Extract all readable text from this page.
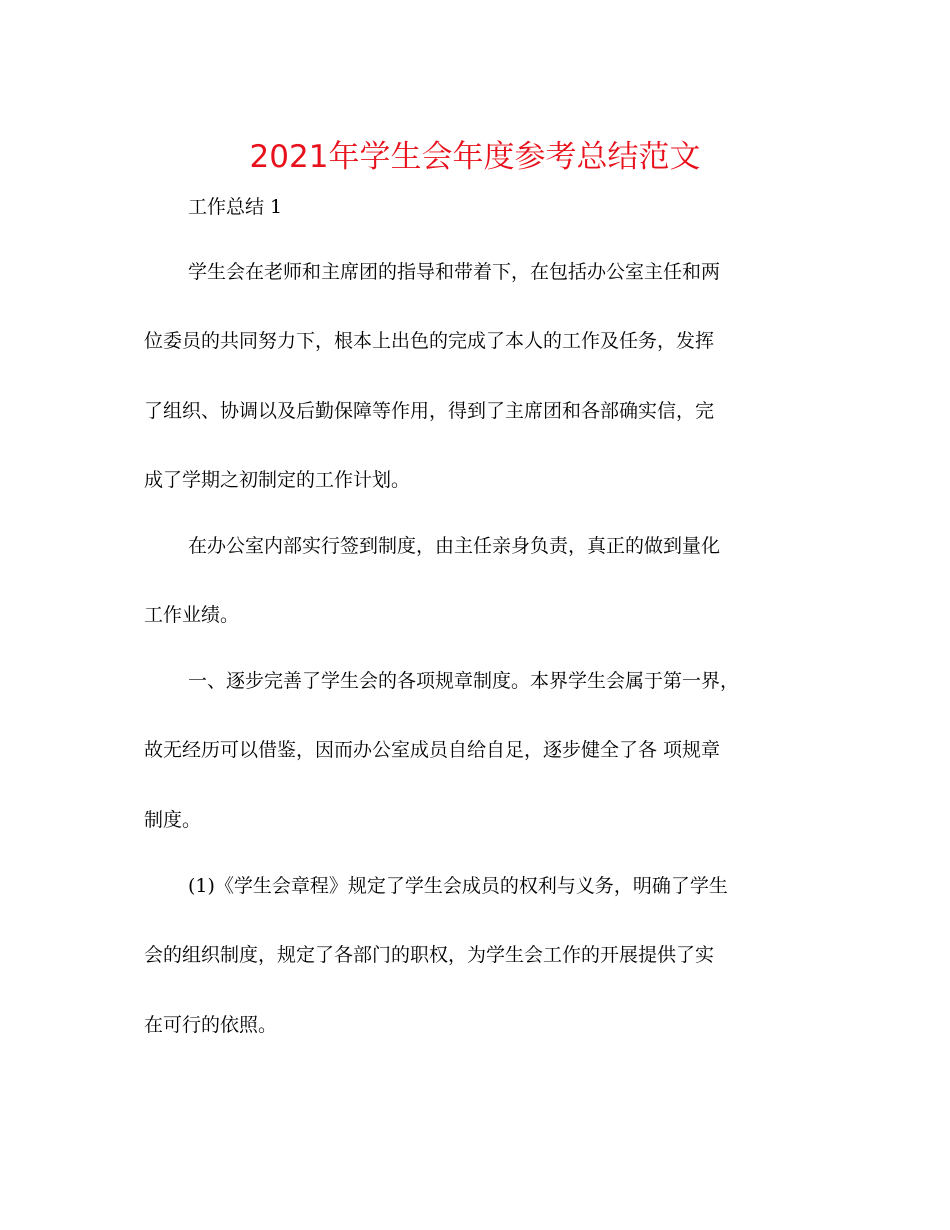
2021年学生会年度参考总结范文
工作总结 1
学生会在老师和主席团的指导和带着下，在包括办公室主任和两
位委员的共同努力下，根本上出色的完成了本人的工作及任务，发挥
了组织、协调以及后勤保障等作用，得到了主席团和各部确实信，完
成了学期之初制定的工作计划。
在办公室内部实行签到制度，由主任亲身负责，真正的做到量化
工作业绩。
一、逐步完善了学生会的各项规章制度。本界学生会属于第一界，
故无经历可以借鉴，因而办公室成员自给自足，逐步健全了各 项规章
制度。
(1)《学生会章程》规定了学生会成员的权利与义务，明确了学生
会的组织制度，规定了各部门的职权，为学生会工作的开展提供了实
在可行的依照。
